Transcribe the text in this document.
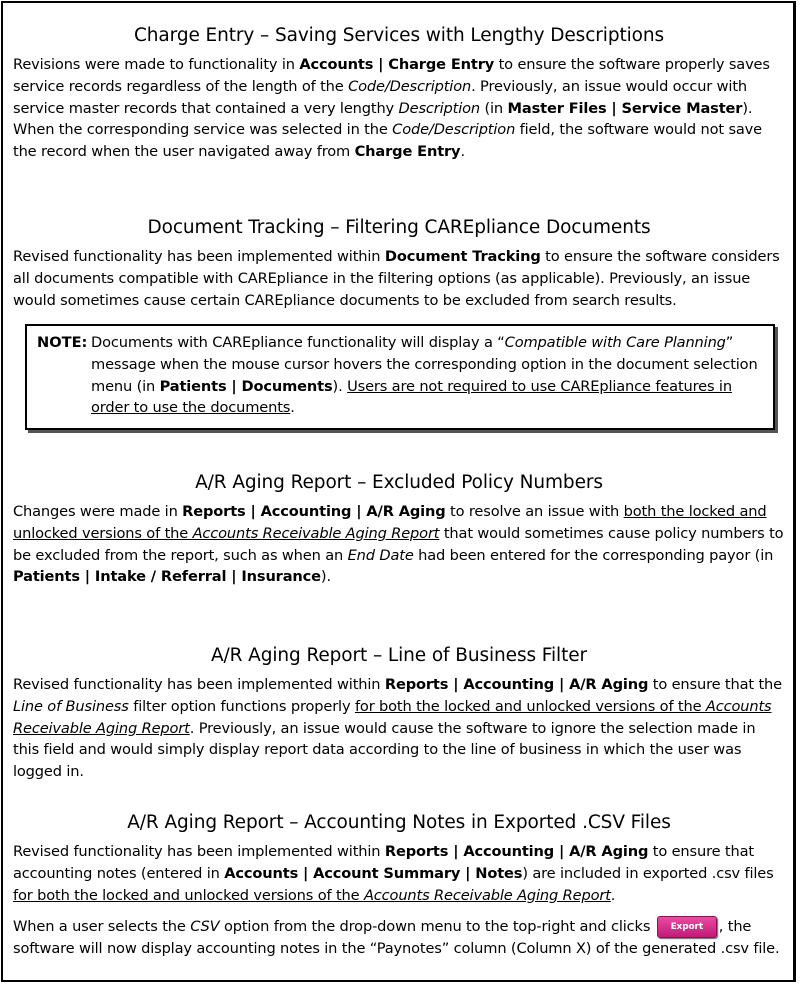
Charge Entry – Saving Services with Lengthy Descriptions

Revisions were made to functionality in Accounts | Charge Entry to ensure the software properly saves service records regardless of the length of the Code/Description. Previously, an issue would occur with service master records that contained a very lengthy Description (in Master Files | Service Master). When the corresponding service was selected in the Code/Description field, the software would not save the record when the user navigated away from Charge Entry.

Document Tracking – Filtering CAREpliance Documents

Revised functionality has been implemented within Document Tracking to ensure the software considers all documents compatible with CAREpliance in the filtering options (as applicable). Previously, an issue would sometimes cause certain CAREpliance documents to be excluded from search results.

NOTE: Documents with CAREpliance functionality will display a “Compatible with Care Planning” message when the mouse cursor hovers the corresponding option in the document selection menu (in Patients | Documents). Users are not required to use CAREpliance features in order to use the documents.
A/R Aging Report – Excluded Policy Numbers

Changes were made in Reports | Accounting | A/R Aging to resolve an issue with both the locked and unlocked versions of the Accounts Receivable Aging Report that would sometimes cause policy numbers to be excluded from the report, such as when an End Date had been entered for the corresponding payor (in Patients | Intake / Referral | Insurance).

A/R Aging Report – Line of Business Filter

Revised functionality has been implemented within Reports | Accounting | A/R Aging to ensure that the Line of Business filter option functions properly for both the locked and unlocked versions of the Accounts Receivable Aging Report. Previously, an issue would cause the software to ignore the selection made in this field and would simply display report data according to the line of business in which the user was logged in.

A/R Aging Report – Accounting Notes in Exported .CSV Files

Revised functionality has been implemented within Reports | Accounting | A/R Aging to ensure that accounting notes (entered in Accounts | Account Summary | Notes) are included in exported .csv files for both the locked and unlocked versions of the Accounts Receivable Aging Report.

When a user selects the CSV option from the drop-down menu to the top-right and clicks Export , the software will now display accounting notes in the “Paynotes” column (Column X) of the generated .csv file.
